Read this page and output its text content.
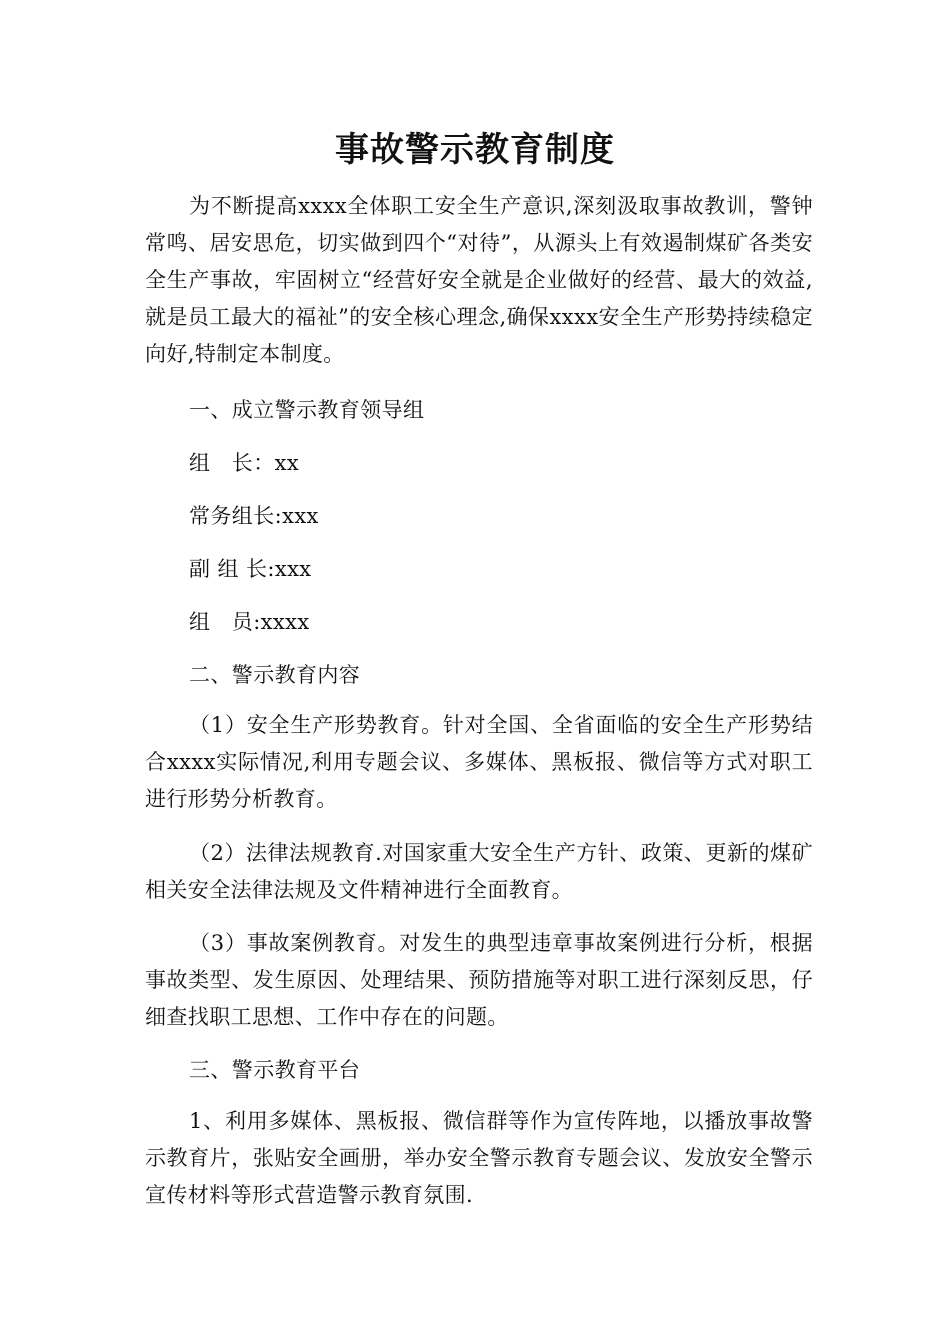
事故警示教育制度

为不断提高xxxx全体职工安全生产意识,深刻汲取事故教训，警钟常鸣、居安思危，切实做到四个“对待”，从源头上有效遏制煤矿各类安全生产事故，牢固树立“经营好安全就是企业做好的经营、最大的效益,就是员工最大的福祉”的安全核心理念,确保xxxx安全生产形势持续稳定向好,特制定本制度。

一、成立警示教育领导组

组　长：xx

常务组长:xxx

副 组 长:xxx

组　员:xxxx

二、警示教育内容

（1）安全生产形势教育。针对全国、全省面临的安全生产形势结合xxxx实际情况,利用专题会议、多媒体、黑板报、微信等方式对职工进行形势分析教育。

（2）法律法规教育.对国家重大安全生产方针、政策、更新的煤矿相关安全法律法规及文件精神进行全面教育。

（3）事故案例教育。对发生的典型违章事故案例进行分析，根据事故类型、发生原因、处理结果、预防措施等对职工进行深刻反思，仔细查找职工思想、工作中存在的问题。

三、警示教育平台

1、利用多媒体、黑板报、微信群等作为宣传阵地，以播放事故警示教育片，张贴安全画册，举办安全警示教育专题会议、发放安全警示宣传材料等形式营造警示教育氛围.
